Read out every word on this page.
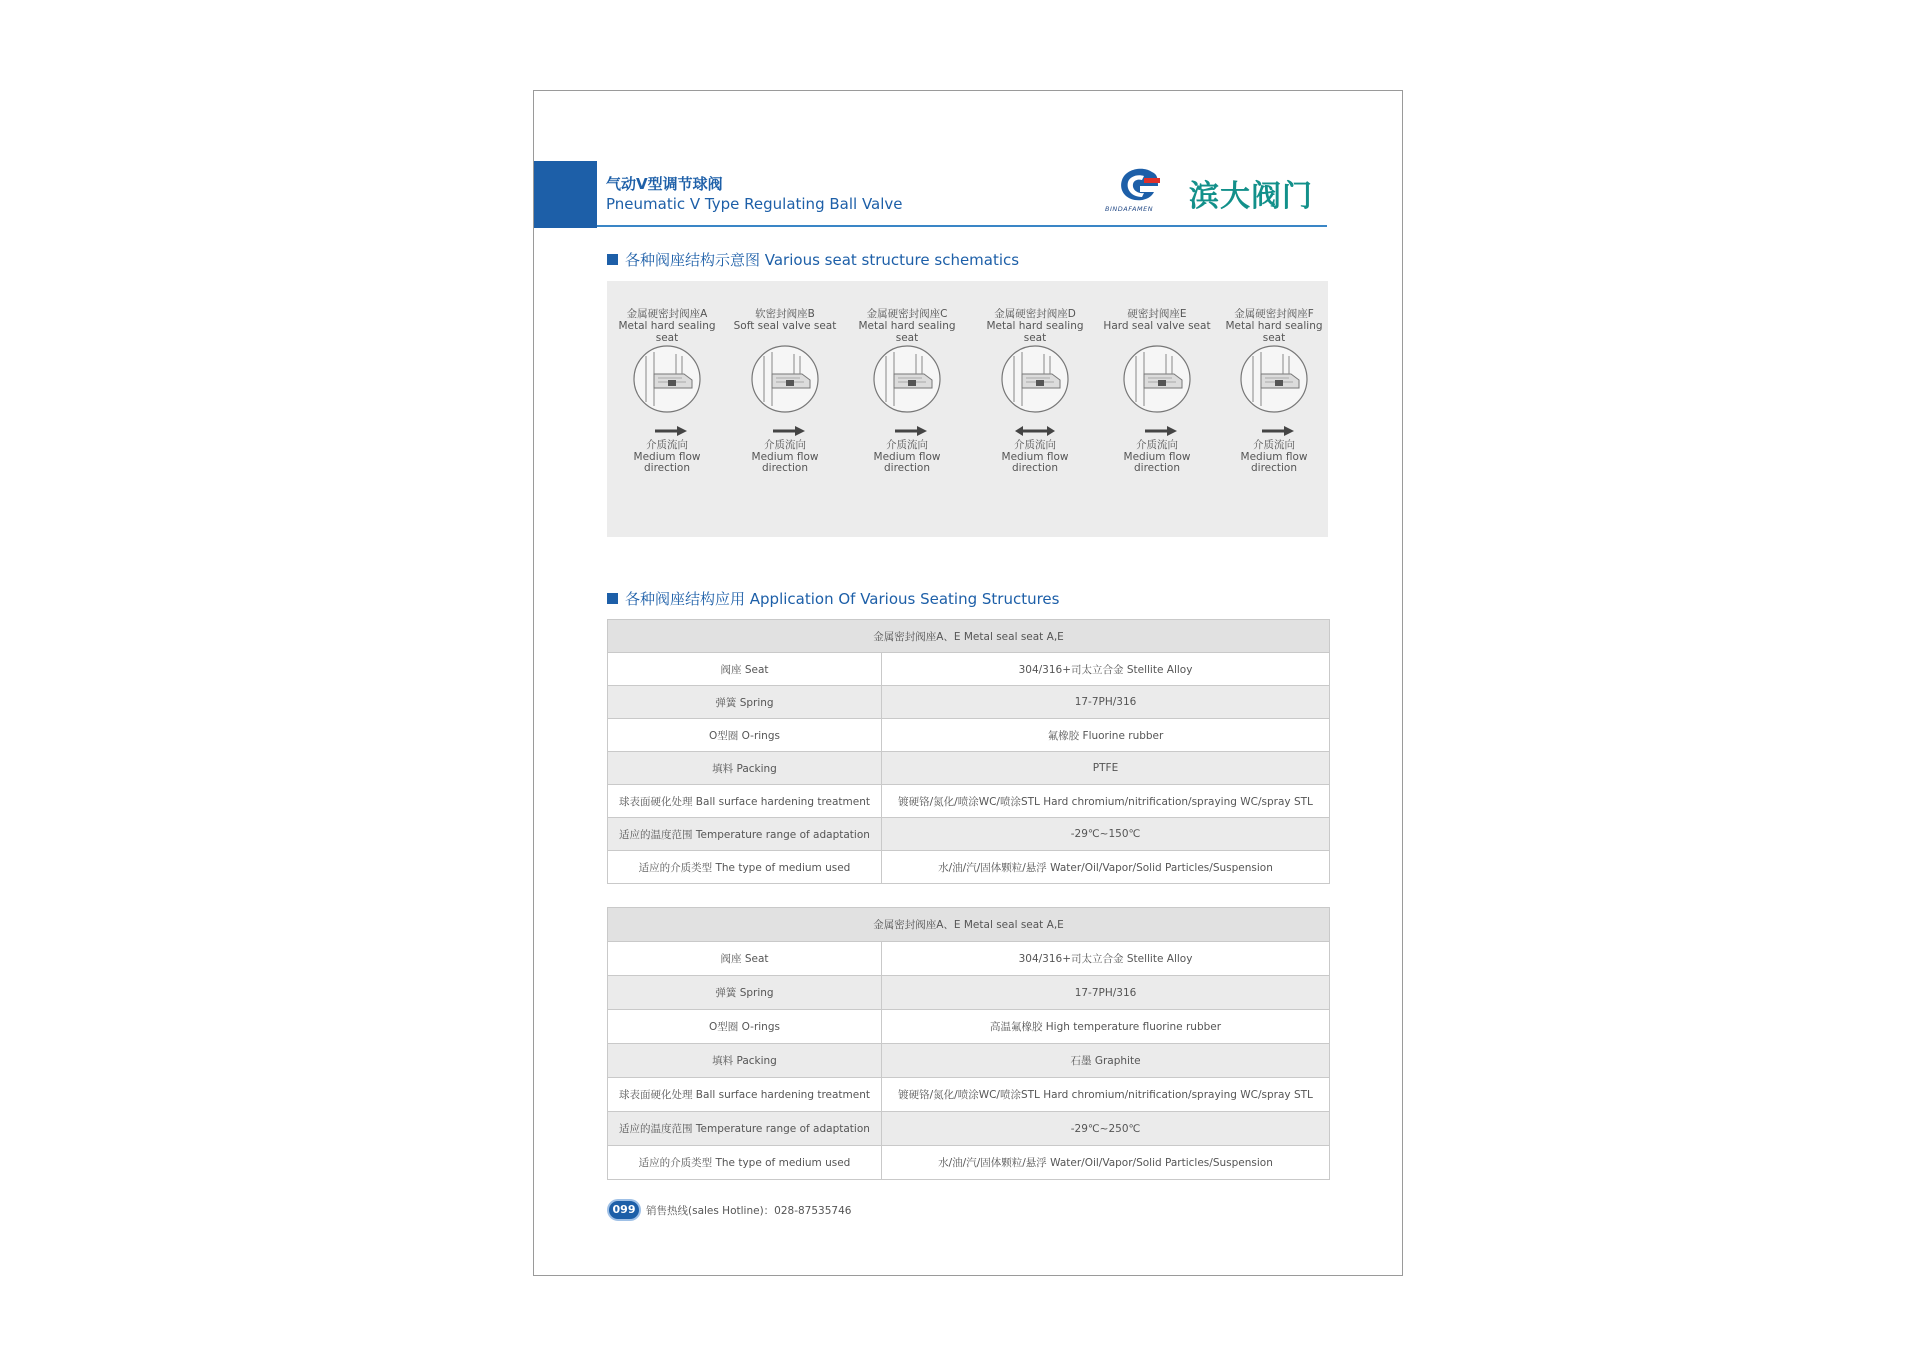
气动V型调节球阀
Pneumatic V Type Regulating Ball Valve	BINDAFAMEN 滨大阀门
各种阀座结构示意图 Various seat structure schematics
金属硬密封阀座A
Metal hard sealing seat
介质流向
Medium flow direction
软密封阀座B
Soft seal valve seat
介质流向
Medium flow direction
金属硬密封阀座C
Metal hard sealing seat
介质流向
Medium flow direction
金属硬密封阀座D
Metal hard sealing seat
介质流向
Medium flow direction
硬密封阀座E
Hard seal valve seat
介质流向
Medium flow direction
金属硬密封阀座F
Metal hard sealing seat
介质流向
Medium flow direction
各种阀座结构应用 Application Of Various Seating Structures
金属密封阀座A、E Metal seal seat A,E	
阀座 Seat	304/316+司太立合金 Stellite Alloy
弹簧 Spring	17-7PH/316
O型圈 O-rings	氟橡胶 Fluorine rubber
填料 Packing	PTFE
球表面硬化处理 Ball surface hardening treatment	镀硬铬/氮化/喷涂WC/喷涂STL Hard chromium/nitrification/spraying WC/spray STL
适应的温度范围 Temperature range of adaptation	-29℃~150℃
适应的介质类型 The type of medium used	水/油/汽/固体颗粒/悬浮 Water/Oil/Vapor/Solid Particles/Suspension
金属密封阀座A、E Metal seal seat A,E	
阀座 Seat	304/316+司太立合金 Stellite Alloy
弹簧 Spring	17-7PH/316
O型圈 O-rings	高温氟橡胶 High temperature fluorine rubber
填料 Packing	石墨 Graphite
球表面硬化处理 Ball surface hardening treatment	镀硬铬/氮化/喷涂WC/喷涂STL Hard chromium/nitrification/spraying WC/spray STL
适应的温度范围 Temperature range of adaptation	-29℃~250℃
适应的介质类型 The type of medium used	水/油/汽/固体颗粒/悬浮 Water/Oil/Vapor/Solid Particles/Suspension
099	销售热线(sales Hotline)：028-87535746
